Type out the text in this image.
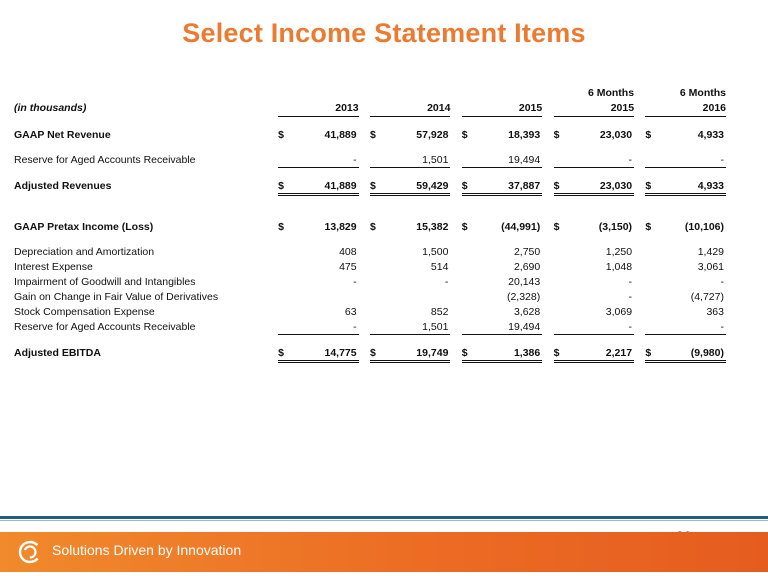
Select Income Statement Items
											6 Months			6 Months	
(in thousands)		2013			2014			2015			2015			2016	

GAAP Net Revenue		$	41,889		$	57,928		$	18,393		$	23,030		$	4,933

Reserve for Aged Accounts Receivable			-			1,501			19,494			-			-

Adjusted Revenues		$	41,889		$	59,429		$	37,887		$	23,030		$	4,933

GAAP Pretax Income (Loss)		$	13,829		$	15,382		$	(44,991)		$	(3,150)		$	(10,106)

Depreciation and Amortization			408			1,500			2,750			1,250			1,429
Interest Expense			475			514			2,690			1,048			3,061
Impairment of Goodwill and Intangibles			-			-			20,143			-			-
Gain on Change in Fair Value of Derivatives									(2,328)			-			(4,727)
Stock Compensation Expense			63			852			3,628			3,069			363
Reserve for Aged Accounts Receivable			-			1,501			19,494			-			-

Adjusted EBITDA		$	14,775		$	19,749		$	1,386		$	2,217		$	(9,980)
Solutions Driven by Innovation
